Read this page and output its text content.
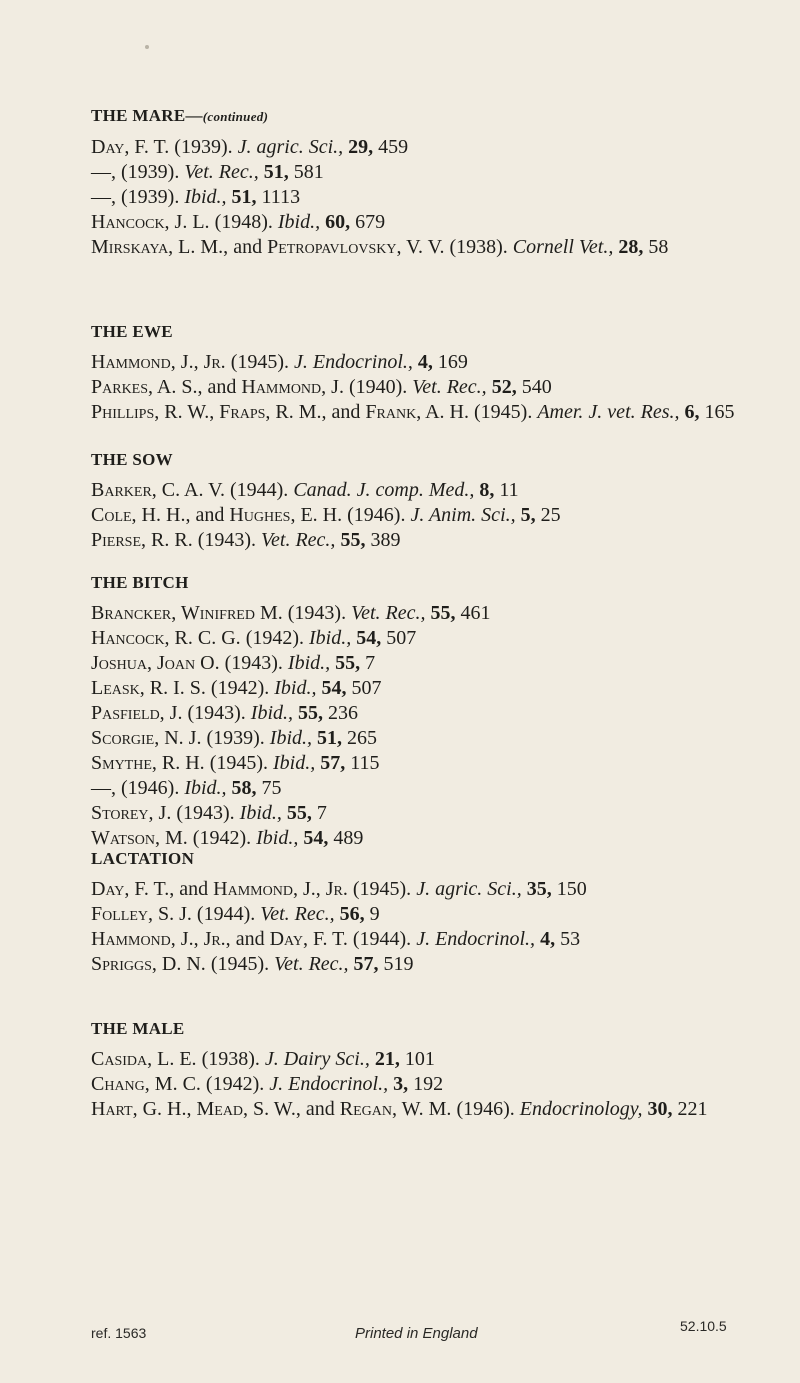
THE MARE—(continued)

Day, F. T. (1939). J. agric. Sci., 29, 459

—, (1939). Vet. Rec., 51, 581

—, (1939). Ibid., 51, 1113

Hancock, J. L. (1948). Ibid., 60, 679

Mirskaya, L. M., and Petropavlovsky, V. V. (1938). Cornell Vet., 28, 58

THE EWE

Hammond, J., Jr. (1945). J. Endocrinol., 4, 169

Parkes, A. S., and Hammond, J. (1940). Vet. Rec., 52, 540

Phillips, R. W., Fraps, R. M., and Frank, A. H. (1945). Amer. J. vet. Res., 6, 165

THE SOW

Barker, C. A. V. (1944). Canad. J. comp. Med., 8, 11

Cole, H. H., and Hughes, E. H. (1946). J. Anim. Sci., 5, 25

Pierse, R. R. (1943). Vet. Rec., 55, 389

THE BITCH

Brancker, Winifred M. (1943). Vet. Rec., 55, 461

Hancock, R. C. G. (1942). Ibid., 54, 507

Joshua, Joan O. (1943). Ibid., 55, 7

Leask, R. I. S. (1942). Ibid., 54, 507

Pasfield, J. (1943). Ibid., 55, 236

Scorgie, N. J. (1939). Ibid., 51, 265

Smythe, R. H. (1945). Ibid., 57, 115

—, (1946). Ibid., 58, 75

Storey, J. (1943). Ibid., 55, 7

Watson, M. (1942). Ibid., 54, 489

LACTATION

Day, F. T., and Hammond, J., Jr. (1945). J. agric. Sci., 35, 150

Folley, S. J. (1944). Vet. Rec., 56, 9

Hammond, J., Jr., and Day, F. T. (1944). J. Endocrinol., 4, 53

Spriggs, D. N. (1945). Vet. Rec., 57, 519

THE MALE

Casida, L. E. (1938). J. Dairy Sci., 21, 101

Chang, M. C. (1942). J. Endocrinol., 3, 192

Hart, G. H., Mead, S. W., and Regan, W. M. (1946). Endocrinology, 30, 221

ref. 1563	Printed in England	52.10.5
